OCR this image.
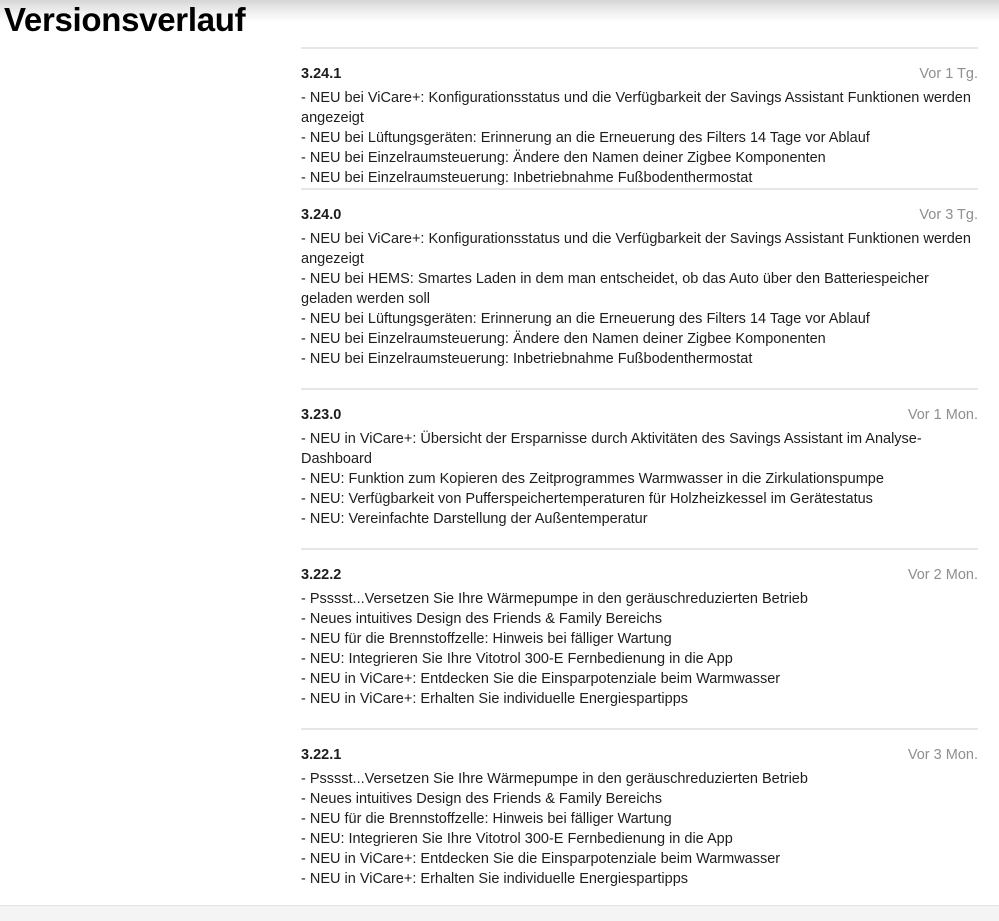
Versionsverlauf
3.24.1	Vor 1 Tg.
- NEU bei ViCare+: Konfigurationsstatus und die Verfügbarkeit der Savings Assistant Funktionen werden angezeigt
- NEU bei Lüftungsgeräten: Erinnerung an die Erneuerung des Filters 14 Tage vor Ablauf
- NEU bei Einzelraumsteuerung: Ändere den Namen deiner Zigbee Komponenten
- NEU bei Einzelraumsteuerung: Inbetriebnahme Fußbodenthermostat
3.24.0	Vor 3 Tg.
- NEU bei ViCare+: Konfigurationsstatus und die Verfügbarkeit der Savings Assistant Funktionen werden angezeigt
- NEU bei HEMS: Smartes Laden in dem man entscheidet, ob das Auto über den Batteriespeicher geladen werden soll
- NEU bei Lüftungsgeräten: Erinnerung an die Erneuerung des Filters 14 Tage vor Ablauf
- NEU bei Einzelraumsteuerung: Ändere den Namen deiner Zigbee Komponenten
- NEU bei Einzelraumsteuerung: Inbetriebnahme Fußbodenthermostat
3.23.0	Vor 1 Mon.
- NEU in ViCare+: Übersicht der Ersparnisse durch Aktivitäten des Savings Assistant im Analyse-Dashboard
- NEU: Funktion zum Kopieren des Zeitprogrammes Warmwasser in die Zirkulationspumpe
- NEU: Verfügbarkeit von Pufferspeichertemperaturen für Holzheizkessel im Gerätestatus
- NEU: Vereinfachte Darstellung der Außentemperatur
3.22.2	Vor 2 Mon.
- Psssst...Versetzen Sie Ihre Wärmepumpe in den geräuschreduzierten Betrieb
- Neues intuitives Design des Friends & Family Bereichs
- NEU für die Brennstoffzelle: Hinweis bei fälliger Wartung
- NEU: Integrieren Sie Ihre Vitotrol 300-E Fernbedienung in die App
- NEU in ViCare+: Entdecken Sie die Einsparpotenziale beim Warmwasser
- NEU in ViCare+: Erhalten Sie individuelle Energiespartipps
3.22.1	Vor 3 Mon.
- Psssst...Versetzen Sie Ihre Wärmepumpe in den geräuschreduzierten Betrieb
- Neues intuitives Design des Friends & Family Bereichs
- NEU für die Brennstoffzelle: Hinweis bei fälliger Wartung
- NEU: Integrieren Sie Ihre Vitotrol 300-E Fernbedienung in die App
- NEU in ViCare+: Entdecken Sie die Einsparpotenziale beim Warmwasser
- NEU in ViCare+: Erhalten Sie individuelle Energiespartipps
